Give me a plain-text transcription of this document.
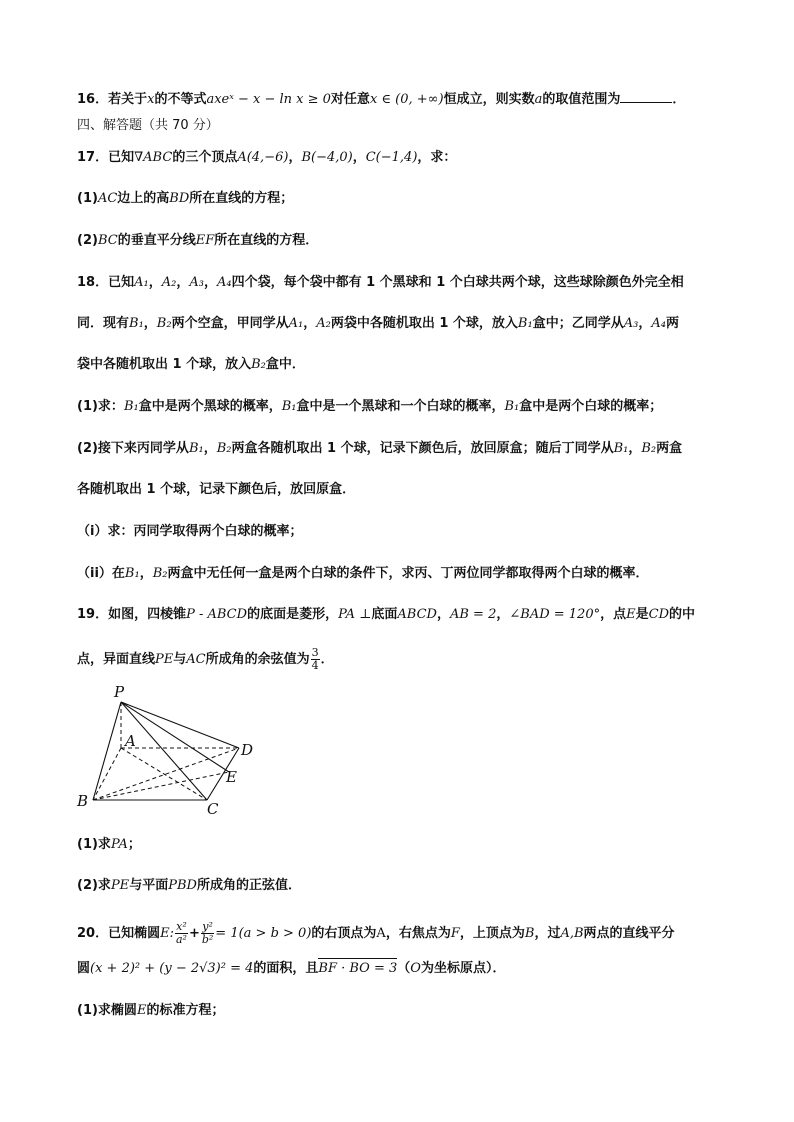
16．若关于x的不等式axeˣ − x − ln x ≥ 0对任意x ∈ (0, +∞)恒成立，则实数a的取值范围为	．
四、解答题（共 70 分）
17．已知∇ABC的三个顶点A(4,−6)，B(−4,0)，C(−1,4)，求：
(1)AC边上的高BD所在直线的方程；
(2)BC的垂直平分线EF所在直线的方程．
18．已知A₁，A₂，A₃，A₄四个袋，每个袋中都有 1 个黑球和 1 个白球共两个球，这些球除颜色外完全相
同．现有B₁，B₂两个空盒，甲同学从A₁，A₂两袋中各随机取出 1 个球，放入B₁盒中；乙同学从A₃，A₄两
袋中各随机取出 1 个球，放入B₂盒中．
(1)求：B₁盒中是两个黑球的概率，B₁盒中是一个黑球和一个白球的概率，B₁盒中是两个白球的概率；
(2)接下来丙同学从B₁，B₂两盒各随机取出 1 个球，记录下颜色后，放回原盒；随后丁同学从B₁，B₂两盒
各随机取出 1 个球，记录下颜色后，放回原盒．
（i）求：丙同学取得两个白球的概率；
（ii）在B₁，B₂两盒中无任何一盒是两个白球的条件下，求丙、丁两位同学都取得两个白球的概率．
19．如图，四棱锥P - ABCD的底面是菱形，PA ⊥底面ABCD，AB = 2，∠BAD = 120°，点E是CD的中
点，异面直线PE与AC所成角的余弦值为 $\frac{3}{4}$ ．
P
A
B	C
D
E
(1)求PA；
(2)求PE与平面PBD所成角的正弦值．
20．已知椭圆E: $\frac{\text{x²}}{\text{a²}} + \frac{\text{y²}}{\text{b²}} = 1(a > b > 0)$的右顶点为A，右焦点为F，上顶点为B，过A,B两点的直线平分
圆(x + 2)² + (y − 2√3)² = 4的面积，且BF · BO = 3（O为坐标原点）．
(1)求椭圆E的标准方程；
